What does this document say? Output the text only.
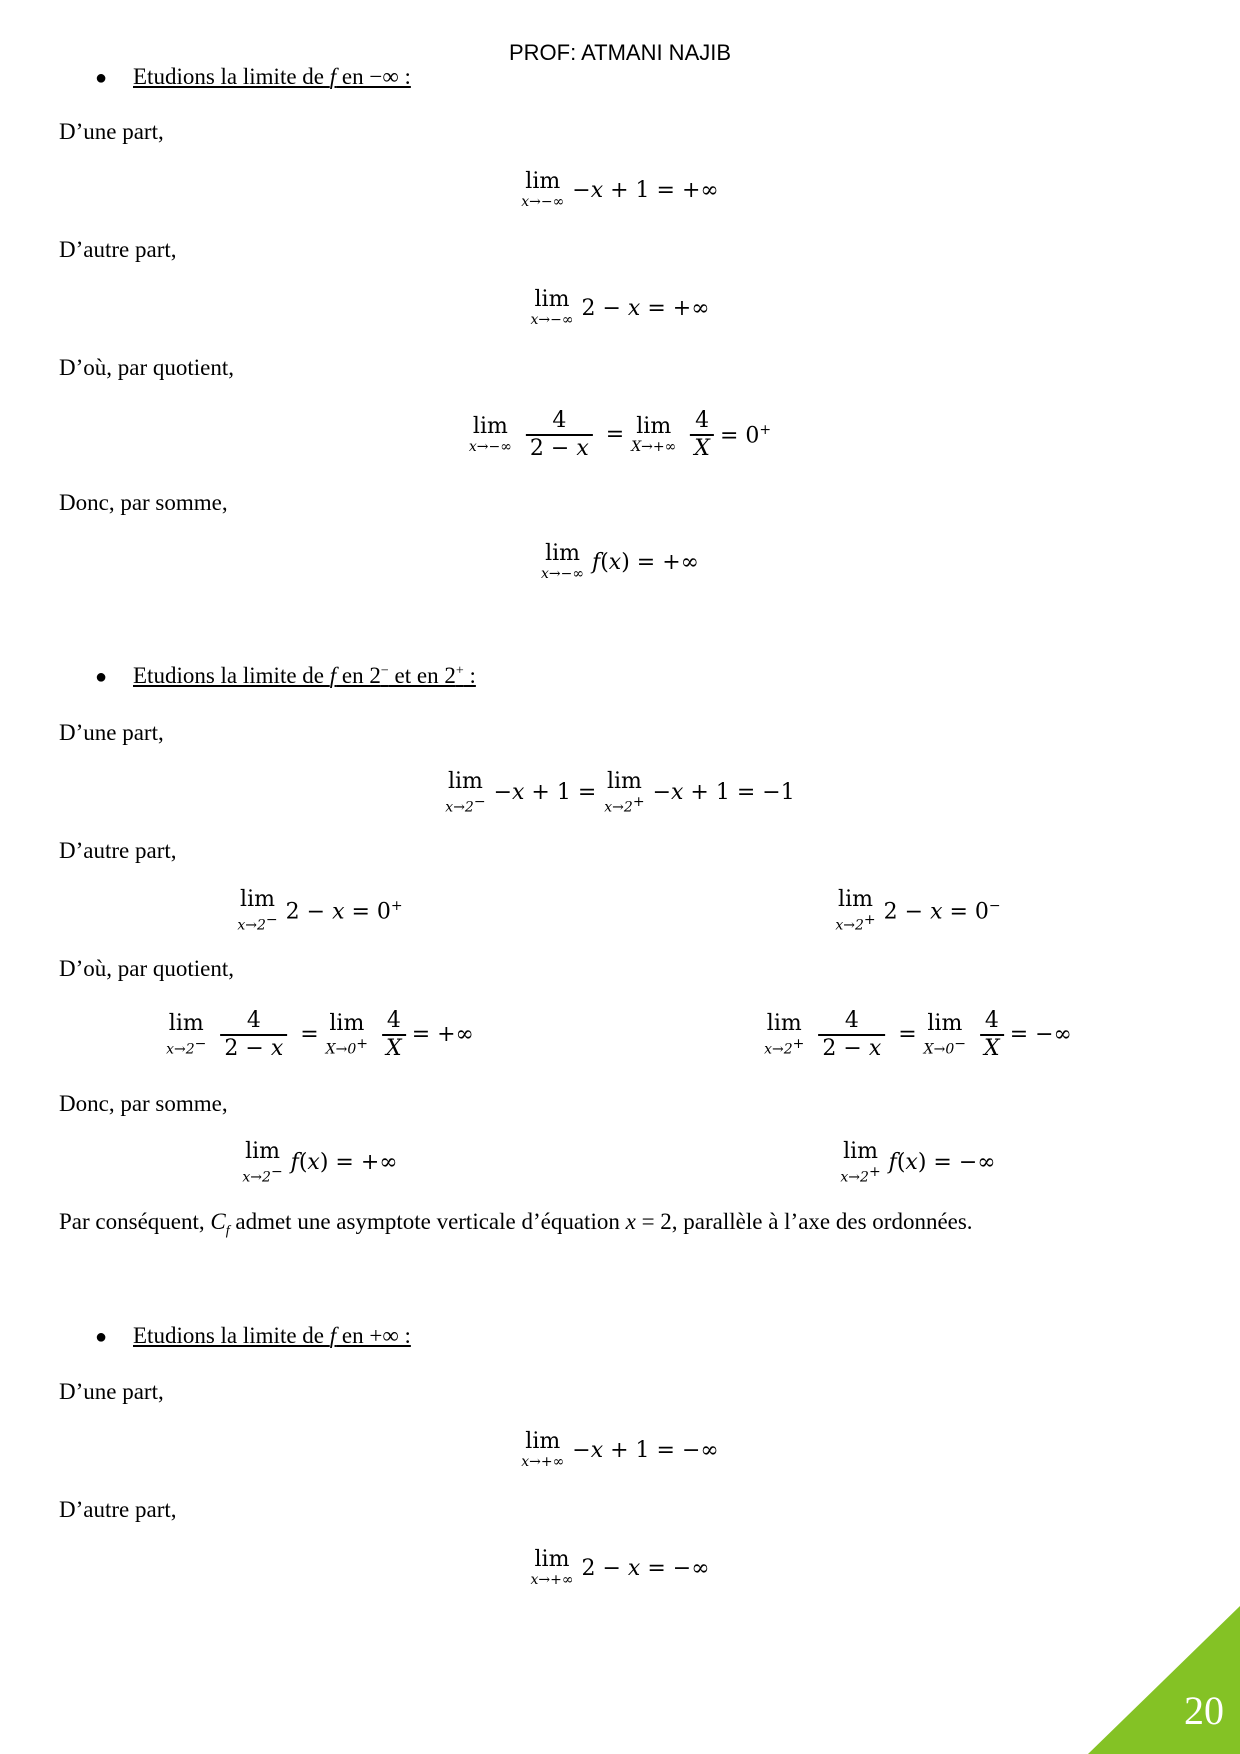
PROF: ATMANI NAJIB
● Etudions la limite de f en −∞ :
D’une part,
lim
x→−∞ −x + 1 = +∞
D’autre part,
lim
x→−∞ 2 − x = +∞
D’où, par quotient,
lim
$x\to-\infty \frac{4}{2 - x} = \lim$
$X\to+\infty \frac{4}{X} = 0^+$
Donc, par somme,
lim
x→−∞ f(x) = +∞
● Etudions la limite de f en 2− et en 2+ :
D’une part,
lim
x→2− −x + 1 = lim
x→2+ −x + 1 = −1
D’autre part,
lim
x→2− 2 − x = 0+	lim
x→2+ 2 − x = 0−
D’où, par quotient,
lim
$x\to 2^- \frac{4}{2 - x} = \lim$
$X\to 0^+ \frac{4}{X}$ = +∞	lim
$x\to 2^+ \frac{4}{2 - x} = \lim$
$X\to 0^- \frac{4}{X}$ = −∞
Donc, par somme,
lim
x→2− f(x) = +∞	lim
x→2+ f(x) = −∞
Par conséquent, $C_f$ admet une asymptote verticale d’équation x = 2, parallèle à l’axe des ordonnées.
● Etudions la limite de f en +∞ :
D’une part,
lim
x→+∞ −x + 1 = −∞
D’autre part,
lim
x→+∞ 2 − x = −∞
20
